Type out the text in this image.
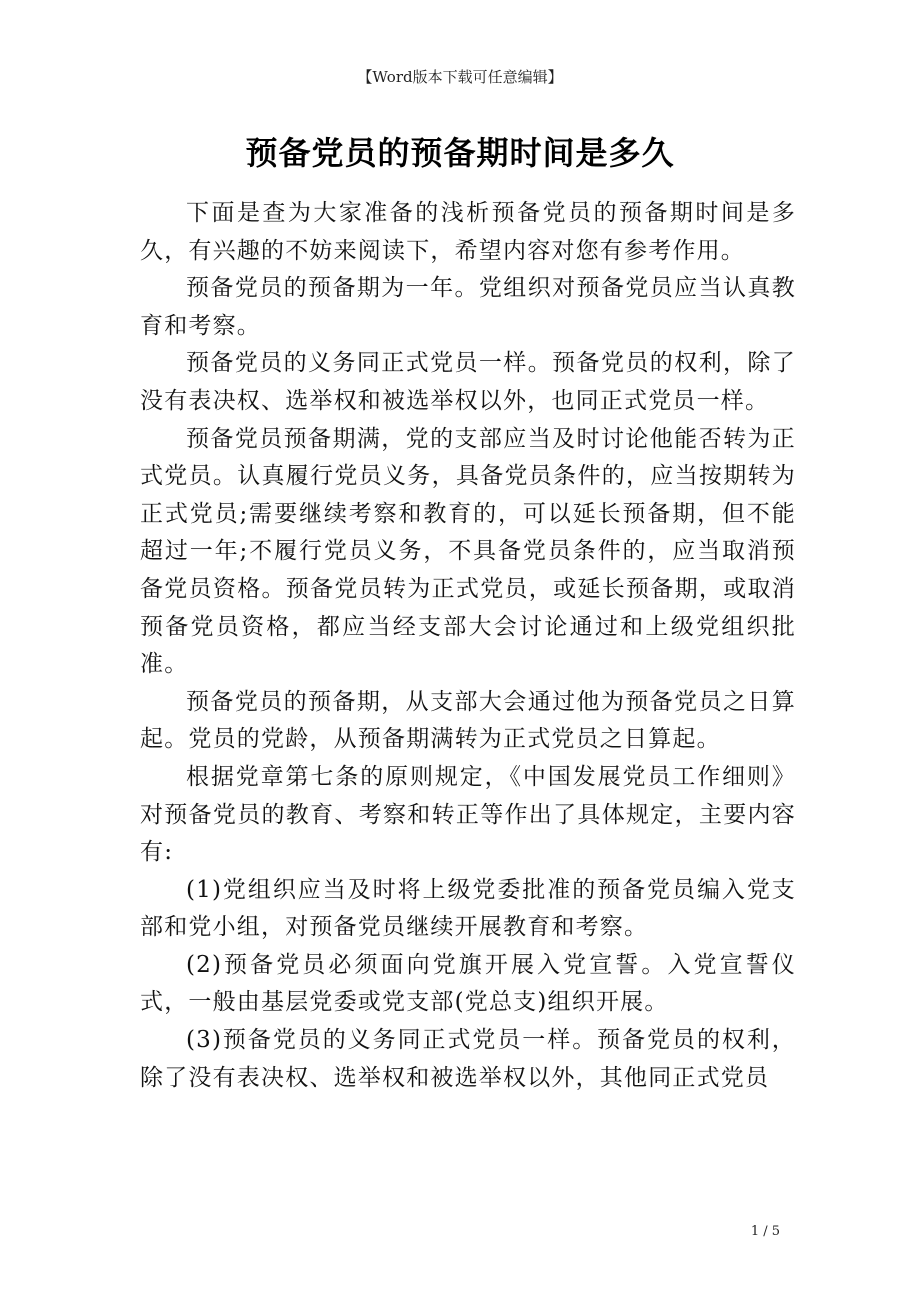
【Word版本下载可任意编辑】
预备党员的预备期时间是多久

下面是查为大家准备的浅析预备党员的预备期时间是多久，有兴趣的不妨来阅读下，希望内容对您有参考作用。

预备党员的预备期为一年。党组织对预备党员应当认真教育和考察。

预备党员的义务同正式党员一样。预备党员的权利，除了没有表决权、选举权和被选举权以外，也同正式党员一样。

预备党员预备期满，党的支部应当及时讨论他能否转为正式党员。认真履行党员义务，具备党员条件的，应当按期转为正式党员;需要继续考察和教育的，可以延长预备期，但不能超过一年;不履行党员义务，不具备党员条件的，应当取消预备党员资格。预备党员转为正式党员，或延长预备期，或取消预备党员资格，都应当经支部大会讨论通过和上级党组织批准。

预备党员的预备期，从支部大会通过他为预备党员之日算起。党员的党龄，从预备期满转为正式党员之日算起。

根据党章第七条的原则规定，《中国发展党员工作细则》对预备党员的教育、考察和转正等作出了具体规定，主要内容有:

(1)党组织应当及时将上级党委批准的预备党员编入党支部和党小组，对预备党员继续开展教育和考察。

(2)预备党员必须面向党旗开展入党宣誓。入党宣誓仪式，一般由基层党委或党支部(党总支)组织开展。

(3)预备党员的义务同正式党员一样。预备党员的权利，除了没有表决权、选举权和被选举权以外，其他同正式党员

1 / 5
